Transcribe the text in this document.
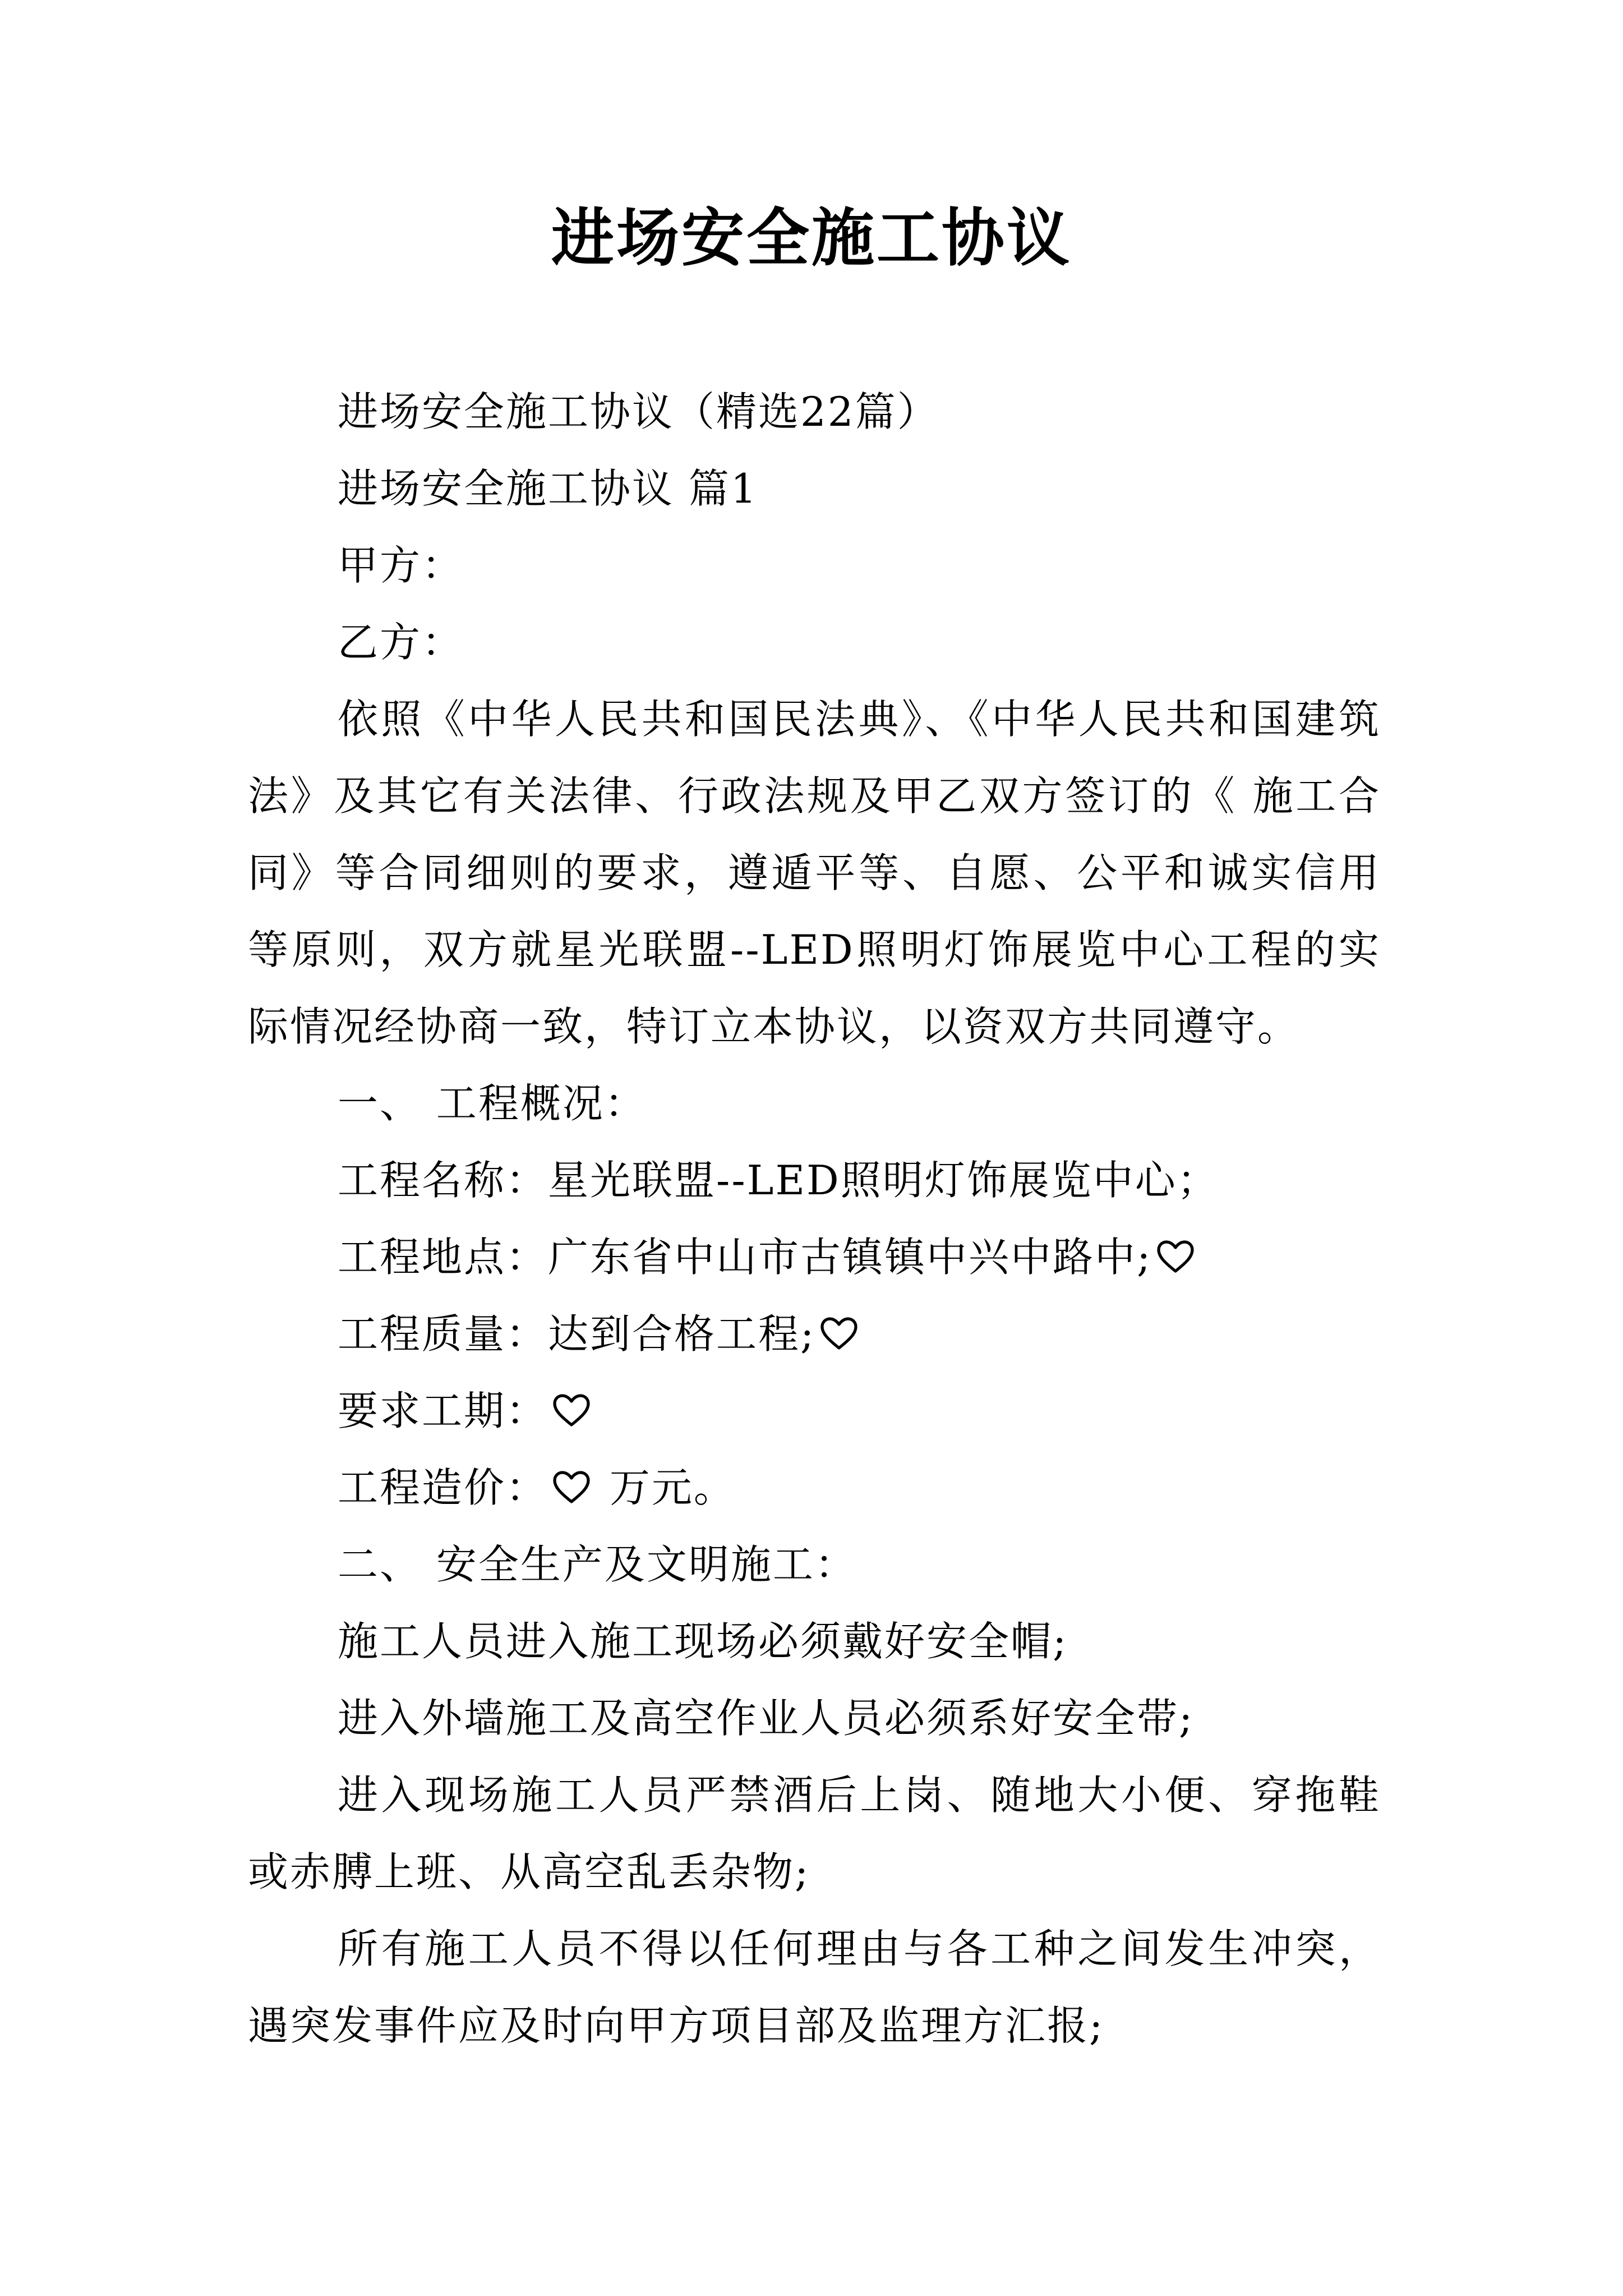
进场安全施工协议

进场安全施工协议（精选22篇）

进场安全施工协议 篇1

甲方：

乙方：

依照《中华人民共和国民法典》、《中华人民共和国建筑法》及其它有关法律、行政法规及甲乙双方签订的《 施工合同》等合同细则的要求，遵遁平等、自愿、公平和诚实信用等原则，双方就星光联盟--LED照明灯饰展览中心工程的实际情况经协商一致，特订立本协议，以资双方共同遵守。

一、 工程概况：

工程名称：星光联盟--LED照明灯饰展览中心；

工程地点：广东省中山市古镇镇中兴中路中;

工程质量：达到合格工程;

要求工期：

工程造价：
万元。

二、 安全生产及文明施工：

施工人员进入施工现场必须戴好安全帽;

进入外墙施工及高空作业人员必须系好安全带;

进入现场施工人员严禁酒后上岗、随地大小便、穿拖鞋或赤膊上班、从高空乱丢杂物;

所有施工人员不得以任何理由与各工种之间发生冲突，遇突发事件应及时向甲方项目部及监理方汇报;
